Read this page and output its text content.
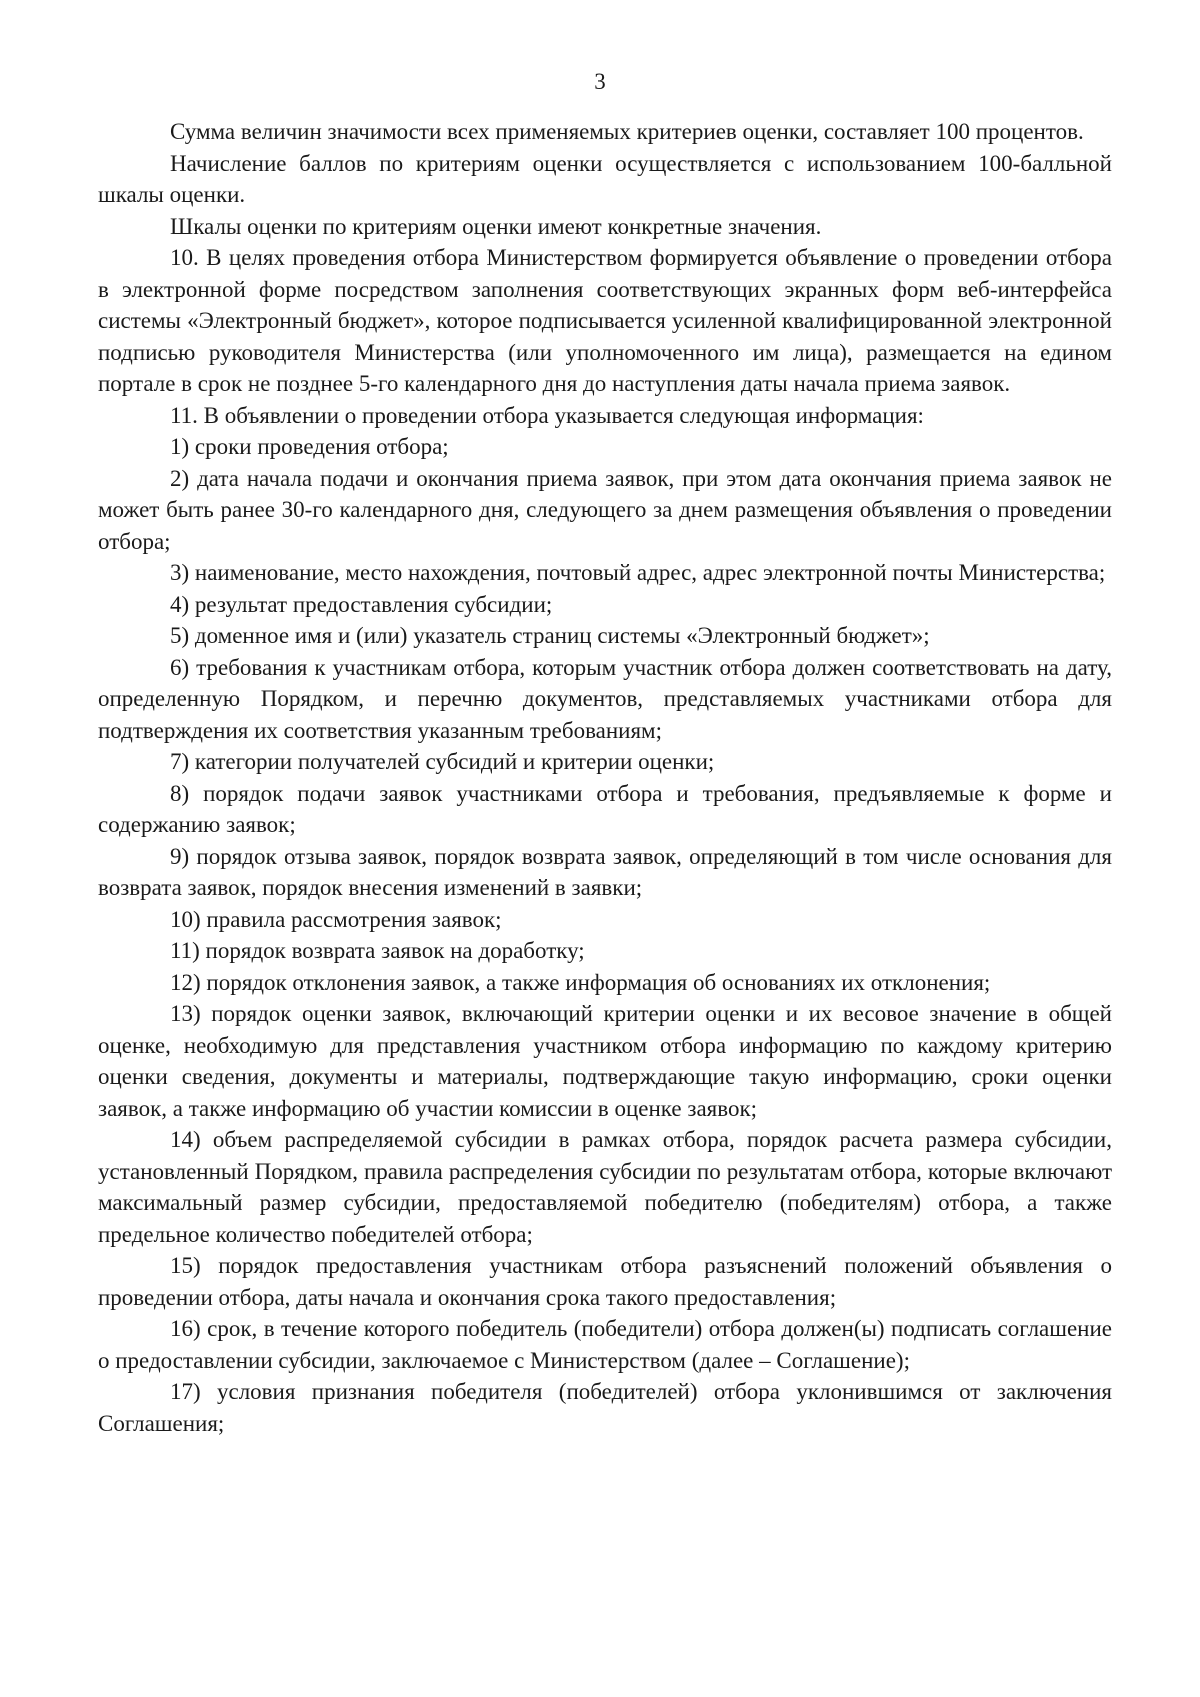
3

Сумма величин значимости всех применяемых критериев оценки, составляет 100 процентов.

Начисление баллов по критериям оценки осуществляется с использованием 100-балльной шкалы оценки.

Шкалы оценки по критериям оценки имеют конкретные значения.

10. В целях проведения отбора Министерством формируется объявление о проведении отбора в электронной форме посредством заполнения соответствующих экранных форм веб-интерфейса системы «Электронный бюджет», которое подписывается усиленной квалифицированной электронной подписью руководителя Министерства (или уполномоченного им лица), размещается на едином портале в срок не позднее 5-го календарного дня до наступления даты начала приема заявок.

11. В объявлении о проведении отбора указывается следующая информация:

1) сроки проведения отбора;

2) дата начала подачи и окончания приема заявок, при этом дата окончания приема заявок не может быть ранее 30-го календарного дня, следующего за днем размещения объявления о проведении отбора;

3) наименование, место нахождения, почтовый адрес, адрес электронной почты Министерства;

4) результат предоставления субсидии;

5) доменное имя и (или) указатель страниц системы «Электронный бюджет»;

6) требования к участникам отбора, которым участник отбора должен соответствовать на дату, определенную Порядком, и перечню документов, представляемых участниками отбора для подтверждения их соответствия указанным требованиям;

7) категории получателей субсидий и критерии оценки;

8) порядок подачи заявок участниками отбора и требования, предъявляемые к форме и содержанию заявок;

9) порядок отзыва заявок, порядок возврата заявок, определяющий в том числе основания для возврата заявок, порядок внесения изменений в заявки;

10) правила рассмотрения заявок;

11) порядок возврата заявок на доработку;

12) порядок отклонения заявок, а также информация об основаниях их отклонения;

13) порядок оценки заявок, включающий критерии оценки и их весовое значение в общей оценке, необходимую для представления участником отбора информацию по каждому критерию оценки сведения, документы и материалы, подтверждающие такую информацию, сроки оценки заявок, а также информацию об участии комиссии в оценке заявок;

14) объем распределяемой субсидии в рамках отбора, порядок расчета размера субсидии, установленный Порядком, правила распределения субсидии по результатам отбора, которые включают максимальный размер субсидии, предоставляемой победителю (победителям) отбора, а также предельное количество победителей отбора;

15) порядок предоставления участникам отбора разъяснений положений объявления о проведении отбора, даты начала и окончания срока такого предоставления;

16) срок, в течение которого победитель (победители) отбора должен(ы) подписать соглашение о предоставлении субсидии, заключаемое с Министерством (далее – Соглашение);

17) условия признания победителя (победителей) отбора уклонившимся от заключения Соглашения;
